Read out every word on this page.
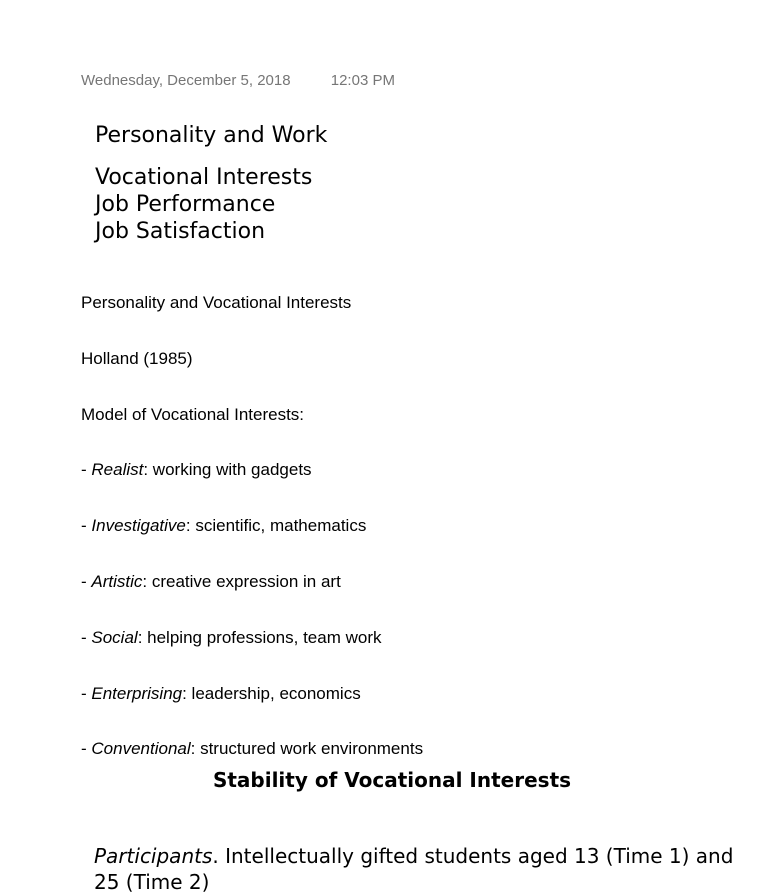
Wednesday, December 5, 2018	12:03 PM
Personality and Work
Vocational Interests
Job Performance
Job Satisfaction
Personality and Vocational Interests
Holland (1985)
Model of Vocational Interests:
- Realist: working with gadgets
- Investigative: scientific, mathematics
- Artistic: creative expression in art
- Social: helping professions, team work
- Enterprising: leadership, economics
- Conventional: structured work environments
Stability of Vocational Interests
Participants. Intellectually gifted students aged 13 (Time 1) and 25 (Time 2)
